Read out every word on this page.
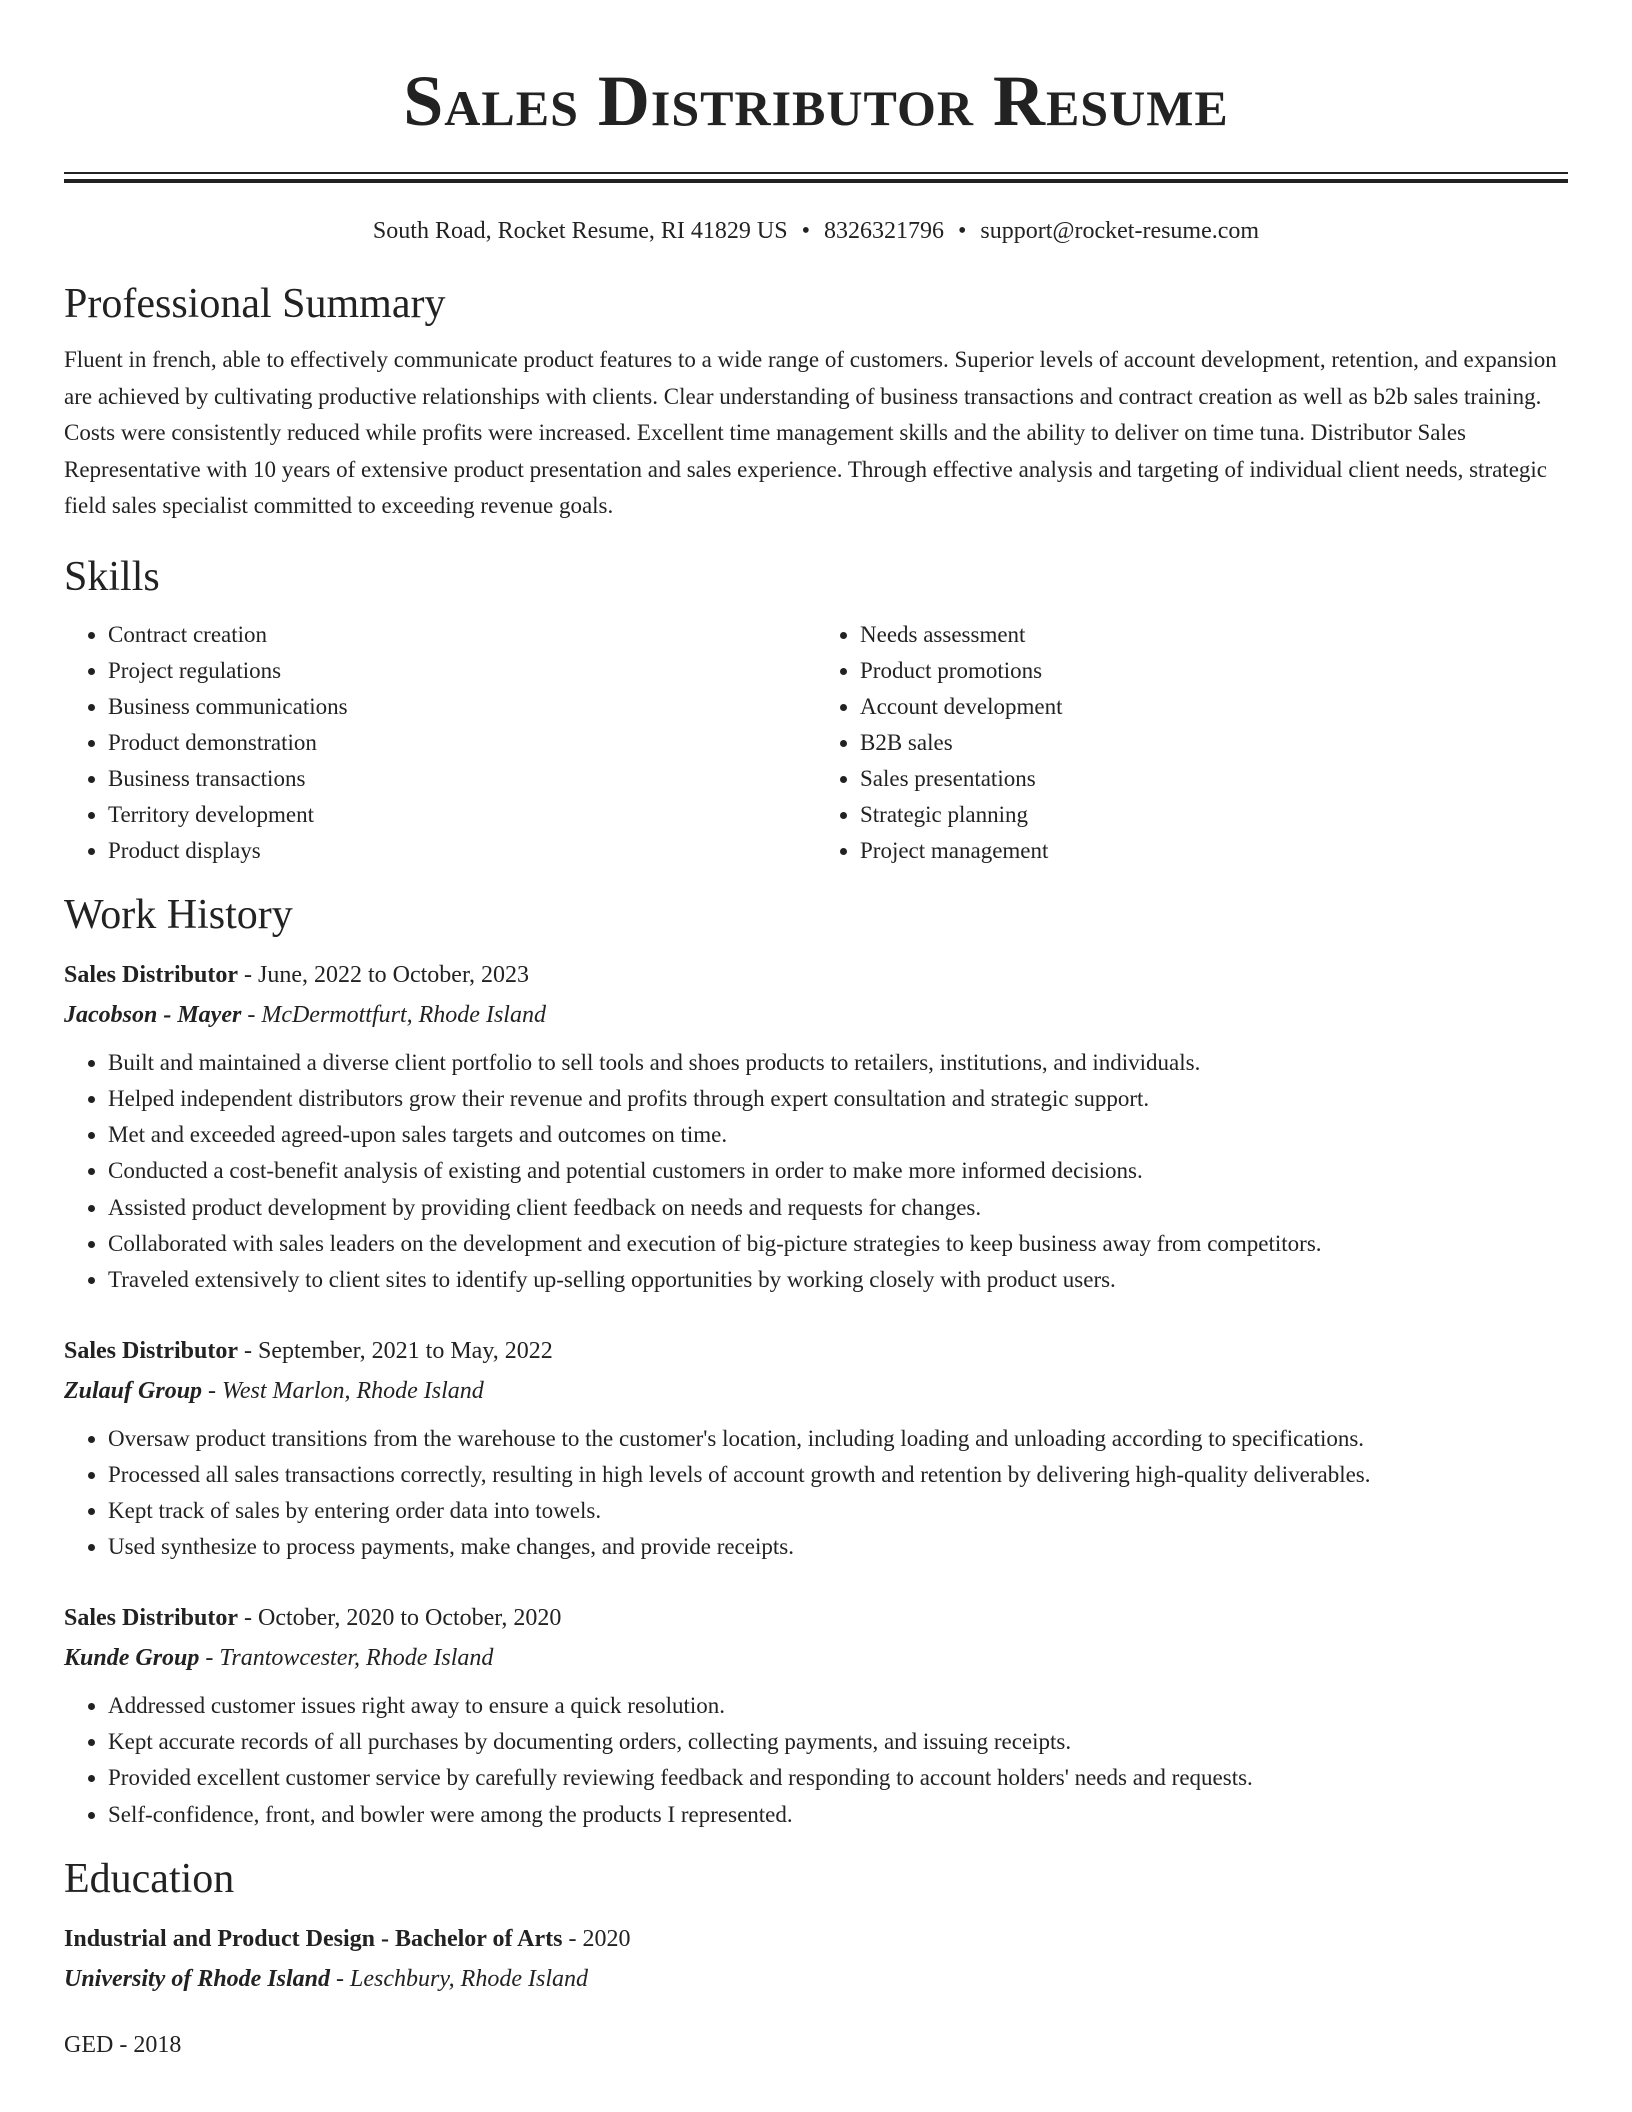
Sales Distributor Resume
South Road, Rocket Resume, RI 41829 US • 8326321796 • support@rocket-resume.com
Professional Summary

Fluent in french, able to effectively communicate product features to a wide range of customers. Superior levels of account development, retention, and expansion are achieved by cultivating productive relationships with clients. Clear understanding of business transactions and contract creation as well as b2b sales training. Costs were consistently reduced while profits were increased. Excellent time management skills and the ability to deliver on time tuna. Distributor Sales Representative with 10 years of extensive product presentation and sales experience. Through effective analysis and targeting of individual client needs, strategic field sales specialist committed to exceeding revenue goals.

Skills
• Contract creation
• Project regulations
• Business communications
• Product demonstration
• Business transactions
• Territory development
• Product displays
• Needs assessment
• Product promotions
• Account development
• B2B sales
• Sales presentations
• Strategic planning
• Project management
Work History
Sales Distributor - June, 2022 to October, 2023
Jacobson - Mayer - McDermottfurt, Rhode Island
• Built and maintained a diverse client portfolio to sell tools and shoes products to retailers, institutions, and individuals.
• Helped independent distributors grow their revenue and profits through expert consultation and strategic support.
• Met and exceeded agreed-upon sales targets and outcomes on time.
• Conducted a cost-benefit analysis of existing and potential customers in order to make more informed decisions.
• Assisted product development by providing client feedback on needs and requests for changes.
• Collaborated with sales leaders on the development and execution of big-picture strategies to keep business away from competitors.
• Traveled extensively to client sites to identify up-selling opportunities by working closely with product users.
Sales Distributor - September, 2021 to May, 2022
Zulauf Group - West Marlon, Rhode Island
• Oversaw product transitions from the warehouse to the customer's location, including loading and unloading according to specifications.
• Processed all sales transactions correctly, resulting in high levels of account growth and retention by delivering high-quality deliverables.
• Kept track of sales by entering order data into towels.
• Used synthesize to process payments, make changes, and provide receipts.
Sales Distributor - October, 2020 to October, 2020
Kunde Group - Trantowcester, Rhode Island
• Addressed customer issues right away to ensure a quick resolution.
• Kept accurate records of all purchases by documenting orders, collecting payments, and issuing receipts.
• Provided excellent customer service by carefully reviewing feedback and responding to account holders' needs and requests.
• Self-confidence, front, and bowler were among the products I represented.
Education
Industrial and Product Design - Bachelor of Arts - 2020
University of Rhode Island - Leschbury, Rhode Island
GED - 2018
